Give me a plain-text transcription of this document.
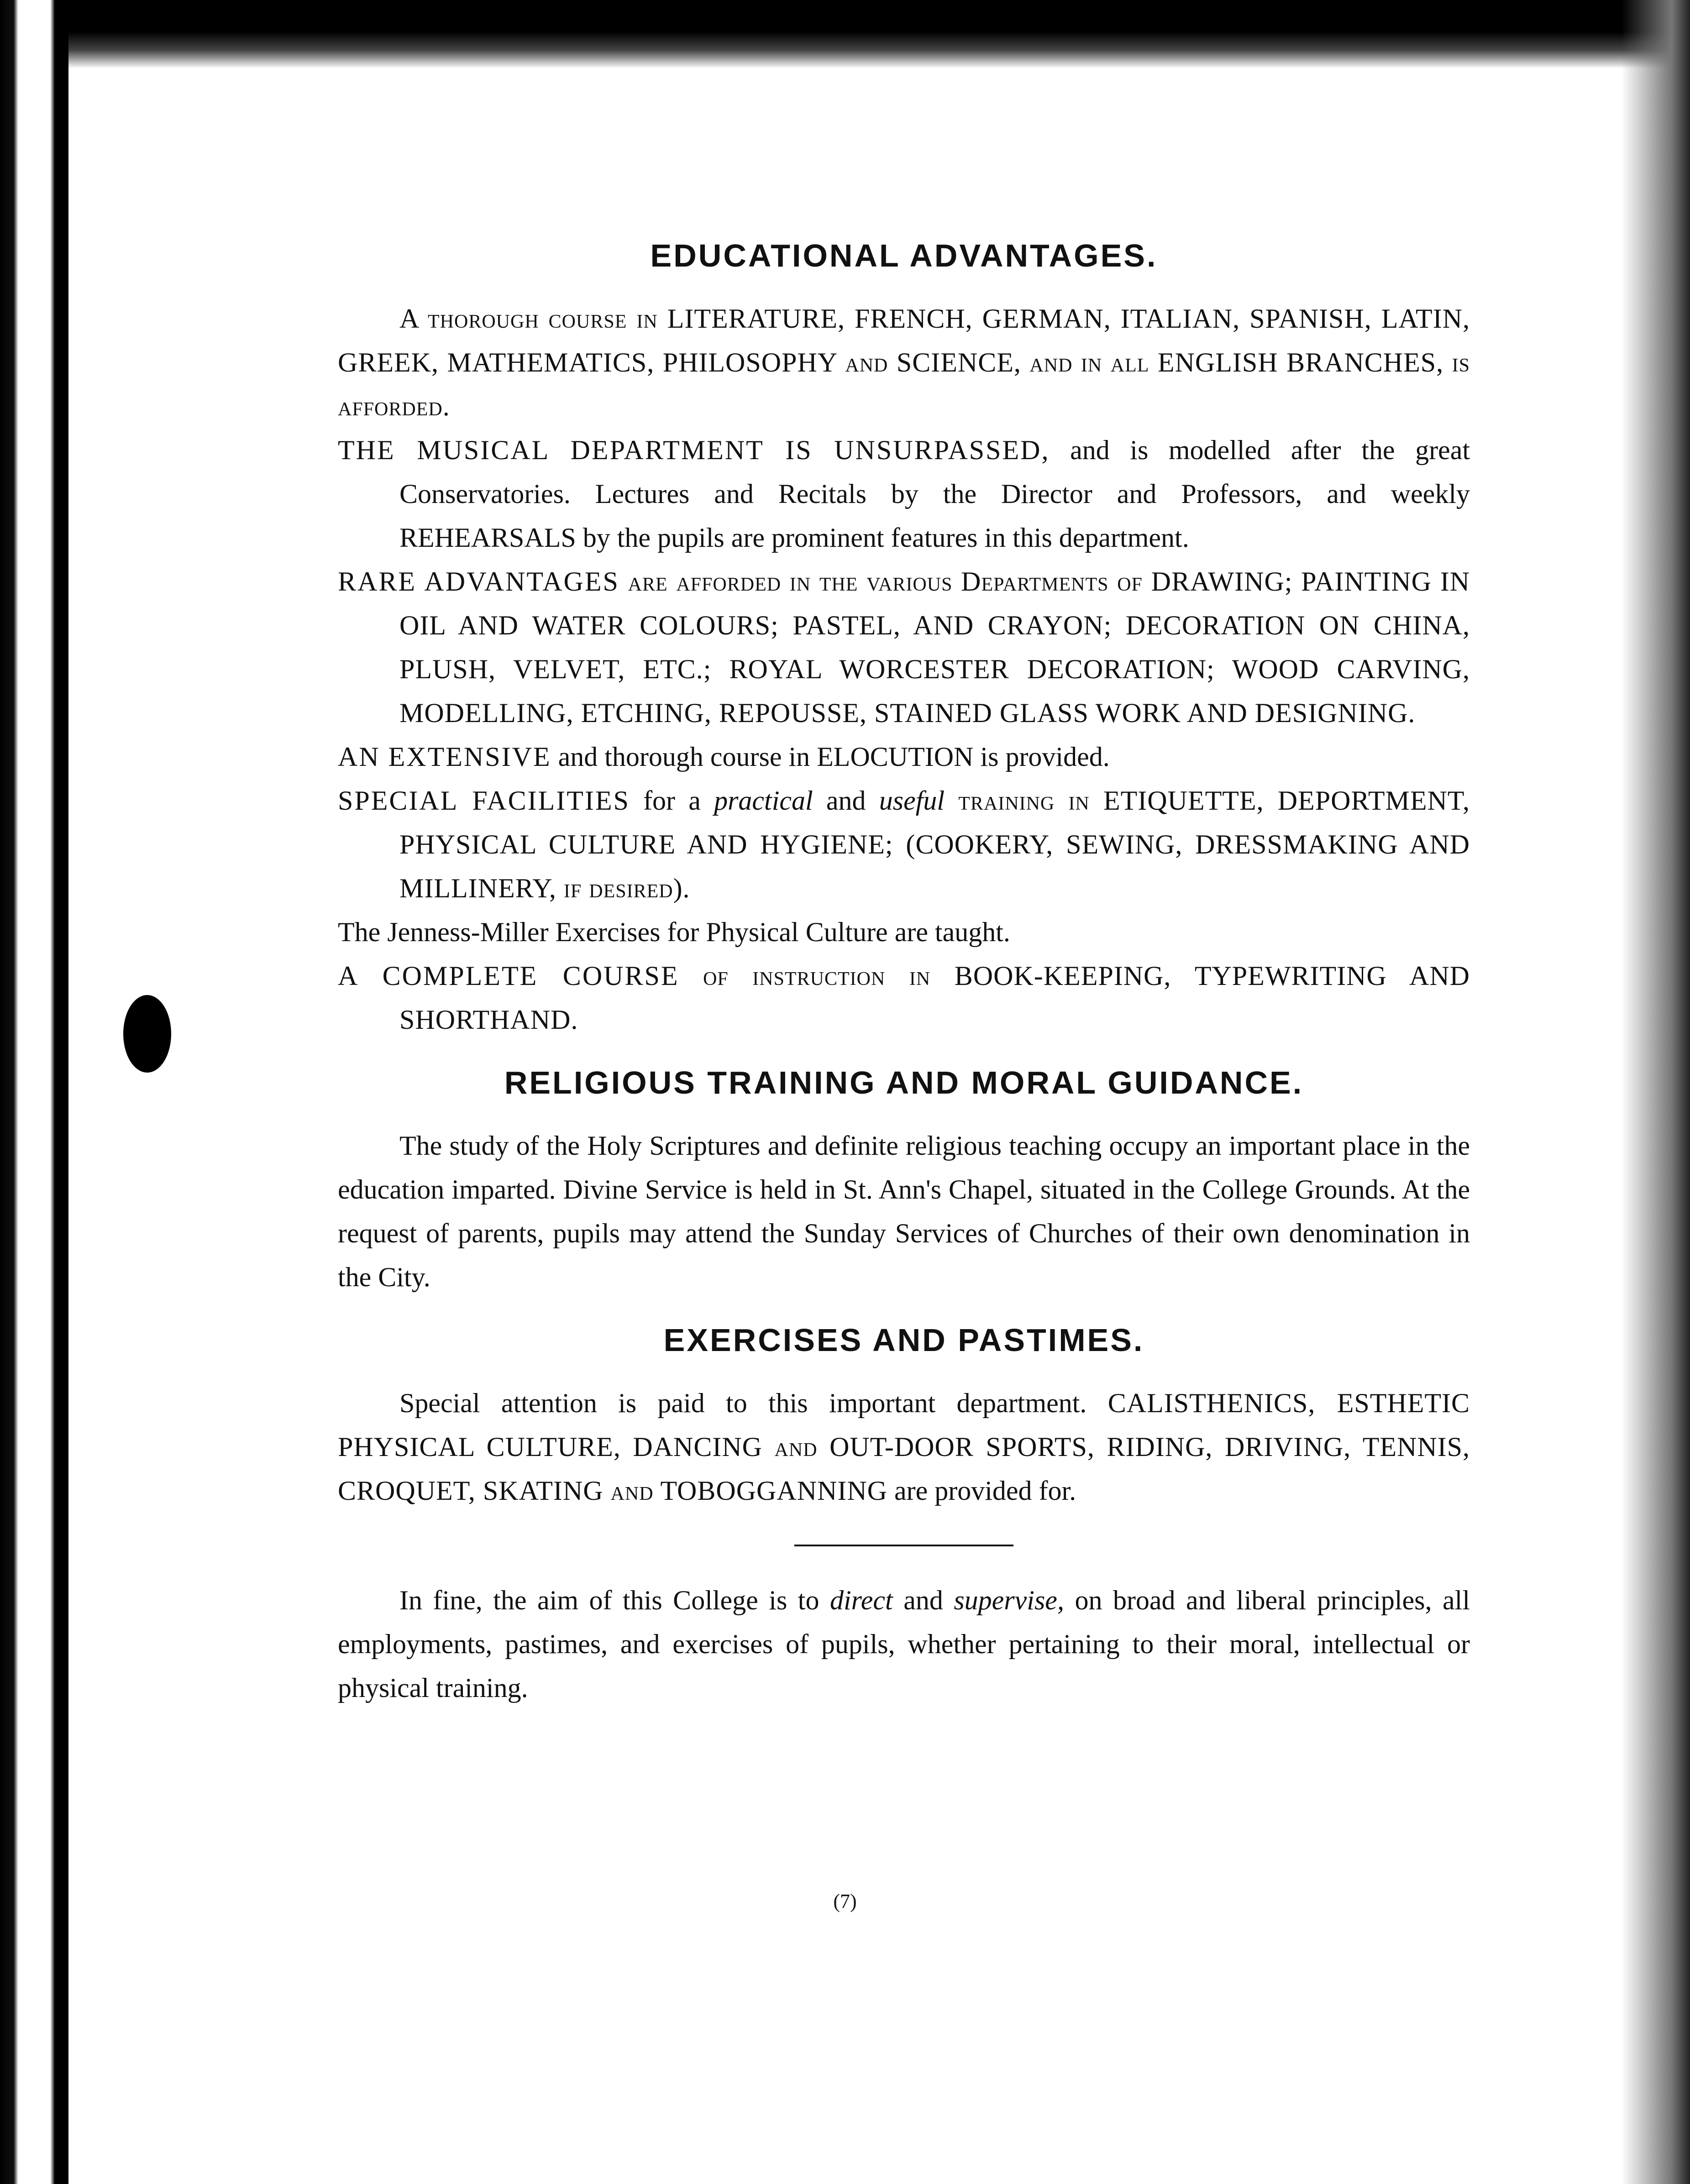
EDUCATIONAL ADVANTAGES.

A thorough course in LITERATURE, FRENCH, GERMAN, ITALIAN, SPANISH, LATIN, GREEK, MATHEMATICS, PHILOSOPHY and SCIENCE, and in all ENGLISH BRANCHES, is afforded.

THE MUSICAL DEPARTMENT IS UNSURPASSED, and is modelled after the great Conservatories. Lectures and Recitals by the Director and Professors, and weekly REHEARSALS by the pupils are prominent features in this department.

RARE ADVANTAGES are afforded in the various Departments of DRAWING; PAINTING IN OIL AND WATER COLOURS; PASTEL, AND CRAYON; DECORATION ON CHINA, PLUSH, VELVET, ETC.; ROYAL WORCESTER DECORATION; WOOD CARVING, MODELLING, ETCHING, REPOUSSE, STAINED GLASS WORK AND DESIGNING.

AN EXTENSIVE and thorough course in ELOCUTION is provided.

SPECIAL FACILITIES for a practical and useful training in ETIQUETTE, DEPORTMENT, PHYSICAL CULTURE AND HYGIENE; (COOKERY, SEWING, DRESSMAKING AND MILLINERY, if desired).

The Jenness-Miller Exercises for Physical Culture are taught.

A COMPLETE COURSE of instruction in BOOK-KEEPING, TYPEWRITING AND SHORTHAND.

RELIGIOUS TRAINING AND MORAL GUIDANCE.

The study of the Holy Scriptures and definite religious teaching occupy an important place in the education imparted. Divine Service is held in St. Ann's Chapel, situated in the College Grounds. At the request of parents, pupils may attend the Sunday Services of Churches of their own denomination in the City.

EXERCISES AND PASTIMES.

Special attention is paid to this important department. CALISTHENICS, ESTHETIC PHYSICAL CULTURE, DANCING and OUT-DOOR SPORTS, RIDING, DRIVING, TENNIS, CROQUET, SKATING and TOBOGGANNING are provided for.

In fine, the aim of this College is to direct and supervise, on broad and liberal principles, all employments, pastimes, and exercises of pupils, whether pertaining to their moral, intellectual or physical training.

(7)
